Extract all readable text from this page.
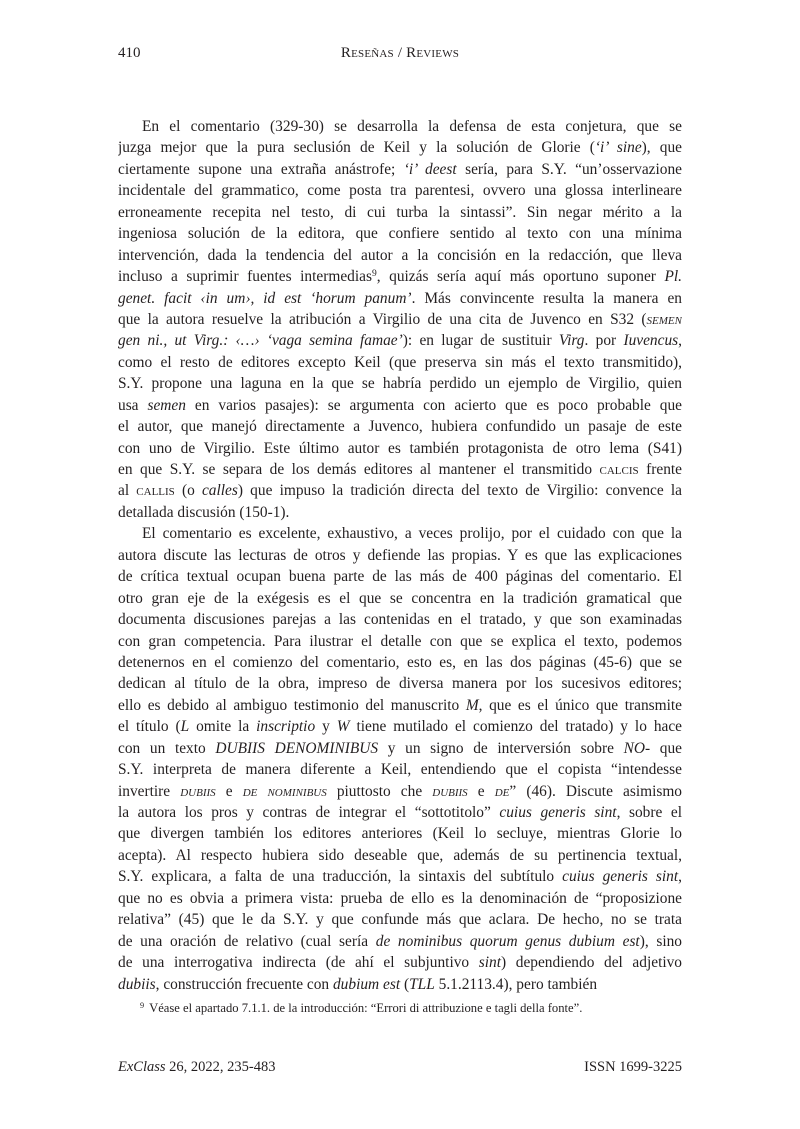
410	Reseñas / Reviews
En el comentario (329-30) se desarrolla la defensa de esta conjetura, que se
juzga mejor que la pura seclusión de Keil y la solución de Glorie (‘i’ sine), que
ciertamente supone una extraña anástrofe; ‘i’ deest sería, para S.Y. “un’osservazione
incidentale del grammatico, come posta tra parentesi, ovvero una glossa interlineare
erroneamente recepita nel testo, di cui turba la sintassi”. Sin negar mérito a la
ingeniosa solución de la editora, que confiere sentido al texto con una mínima
intervención, dada la tendencia del autor a la concisión en la redacción, que lleva
incluso a suprimir fuentes intermedias$^9$, quizás sería aquí más oportuno suponer Pl.
genet. facit ‹in um›, id est ‘horum panum’. Más convincente resulta la manera en
que la autora resuelve la atribución a Virgilio de una cita de Juvenco en S32 (semen
gen ni., ut Virg.: ‹…› ‘vaga semina famae’): en lugar de sustituir Virg. por Iuvencus,
como el resto de editores excepto Keil (que preserva sin más el texto transmitido),
S.Y. propone una laguna en la que se habría perdido un ejemplo de Virgilio, quien
usa semen en varios pasajes): se argumenta con acierto que es poco probable que
el autor, que manejó directamente a Juvenco, hubiera confundido un pasaje de este
con uno de Virgilio. Este último autor es también protagonista de otro lema (S41)
en que S.Y. se separa de los demás editores al mantener el transmitido calcis frente
al callis (o calles) que impuso la tradición directa del texto de Virgilio: convence la
detallada discusión (150-1).
El comentario es excelente, exhaustivo, a veces prolijo, por el cuidado con que la
autora discute las lecturas de otros y defiende las propias. Y es que las explicaciones
de crítica textual ocupan buena parte de las más de 400 páginas del comentario. El
otro gran eje de la exégesis es el que se concentra en la tradición gramatical que
documenta discusiones parejas a las contenidas en el tratado, y que son examinadas
con gran competencia. Para ilustrar el detalle con que se explica el texto, podemos
detenernos en el comienzo del comentario, esto es, en las dos páginas (45-6) que se
dedican al título de la obra, impreso de diversa manera por los sucesivos editores;
ello es debido al ambiguo testimonio del manuscrito M, que es el único que transmite
el título (L omite la inscriptio y W tiene mutilado el comienzo del tratado) y lo hace
con un texto DUBIIS DENOMINIBUS y un signo de interversión sobre NO- que
S.Y. interpreta de manera diferente a Keil, entendiendo que el copista “intendesse
invertire dubiis e de nominibus piuttosto che dubiis e de” (46). Discute asimismo
la autora los pros y contras de integrar el “sottotitolo” cuius generis sint, sobre el
que divergen también los editores anteriores (Keil lo secluye, mientras Glorie lo
acepta). Al respecto hubiera sido deseable que, además de su pertinencia textual,
S.Y. explicara, a falta de una traducción, la sintaxis del subtítulo cuius generis sint,
que no es obvia a primera vista: prueba de ello es la denominación de “proposizione
relativa” (45) que le da S.Y. y que confunde más que aclara. De hecho, no se trata
de una oración de relativo (cual sería de nominibus quorum genus dubium est), sino
de una interrogativa indirecta (de ahí el subjuntivo sint) dependiendo del adjetivo
dubiis, construcción frecuente con dubium est (TLL 5.1.2113.4), pero también
$^9$ Véase el apartado 7.1.1. de la introducción: “Errori di attribuzione e tagli della fonte”.
ExClass 26, 2022, 235-483	ISSN 1699-3225
